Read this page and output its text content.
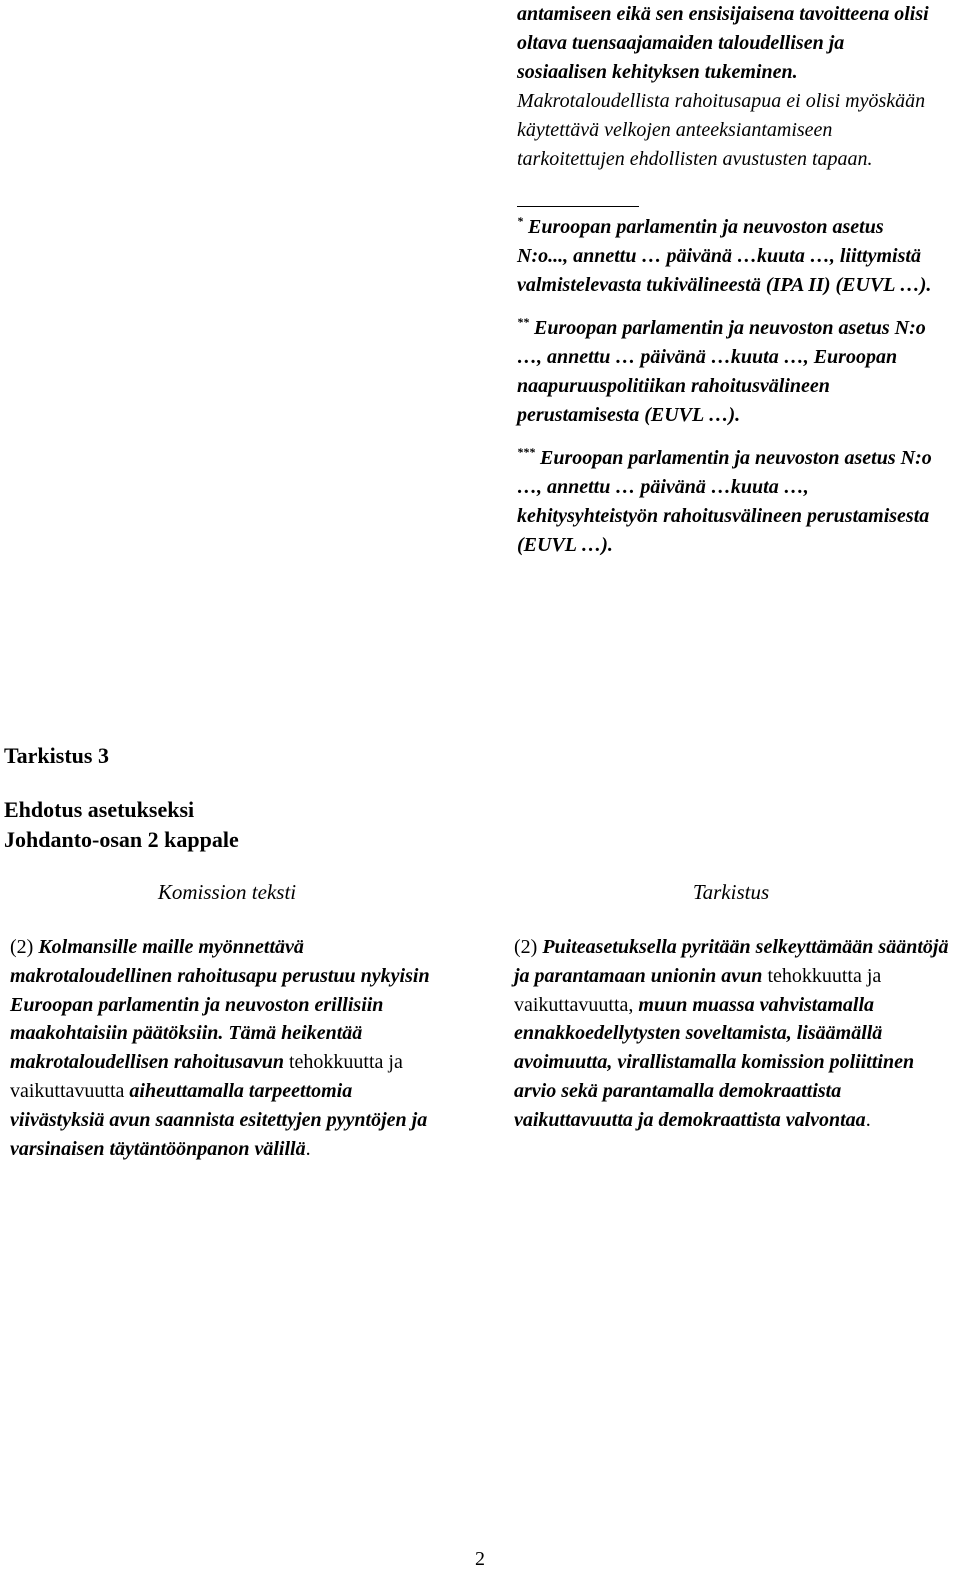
antamiseen eikä sen ensisijaisena tavoitteena olisi oltava tuensaajamaiden taloudellisen ja sosiaalisen kehityksen tukeminen. Makrotaloudellista rahoitusapua ei olisi myöskään käytettävä velkojen anteeksiantamiseen tarkoitettujen ehdollisten avustusten tapaan.

* Euroopan parlamentin ja neuvoston asetus N:o..., annettu … päivänä …kuuta …, liittymistä valmistelevasta tukivälineestä (IPA II) (EUVL …).

** Euroopan parlamentin ja neuvoston asetus N:o …, annettu … päivänä …kuuta …, Euroopan naapuruuspolitiikan rahoitusvälineen perustamisesta (EUVL …).

*** Euroopan parlamentin ja neuvoston asetus N:o …, annettu … päivänä …kuuta …, kehitysyhteistyön rahoitusvälineen perustamisesta (EUVL …).

Tarkistus 3

Ehdotus asetukseksi
Johdanto-osan 2 kappale

Komission teksti	Tarkistus

(2) Kolmansille maille myönnettävä makrotaloudellinen rahoitusapu perustuu nykyisin Euroopan parlamentin ja neuvoston erillisiin maakohtaisiin päätöksiin. Tämä heikentää makrotaloudellisen rahoitusavun tehokkuutta ja vaikuttavuutta aiheuttamalla tarpeettomia viivästyksiä avun saannista esitettyjen pyyntöjen ja varsinaisen täytäntöönpanon välillä.

(2) Puiteasetuksella pyritään selkeyttämään sääntöjä ja parantamaan unionin avun tehokkuutta ja vaikuttavuutta, muun muassa vahvistamalla ennakkoedellytysten soveltamista, lisäämällä avoimuutta, virallistamalla komission poliittinen arvio sekä parantamalla demokraattista vaikuttavuutta ja demokraattista valvontaa.

2
